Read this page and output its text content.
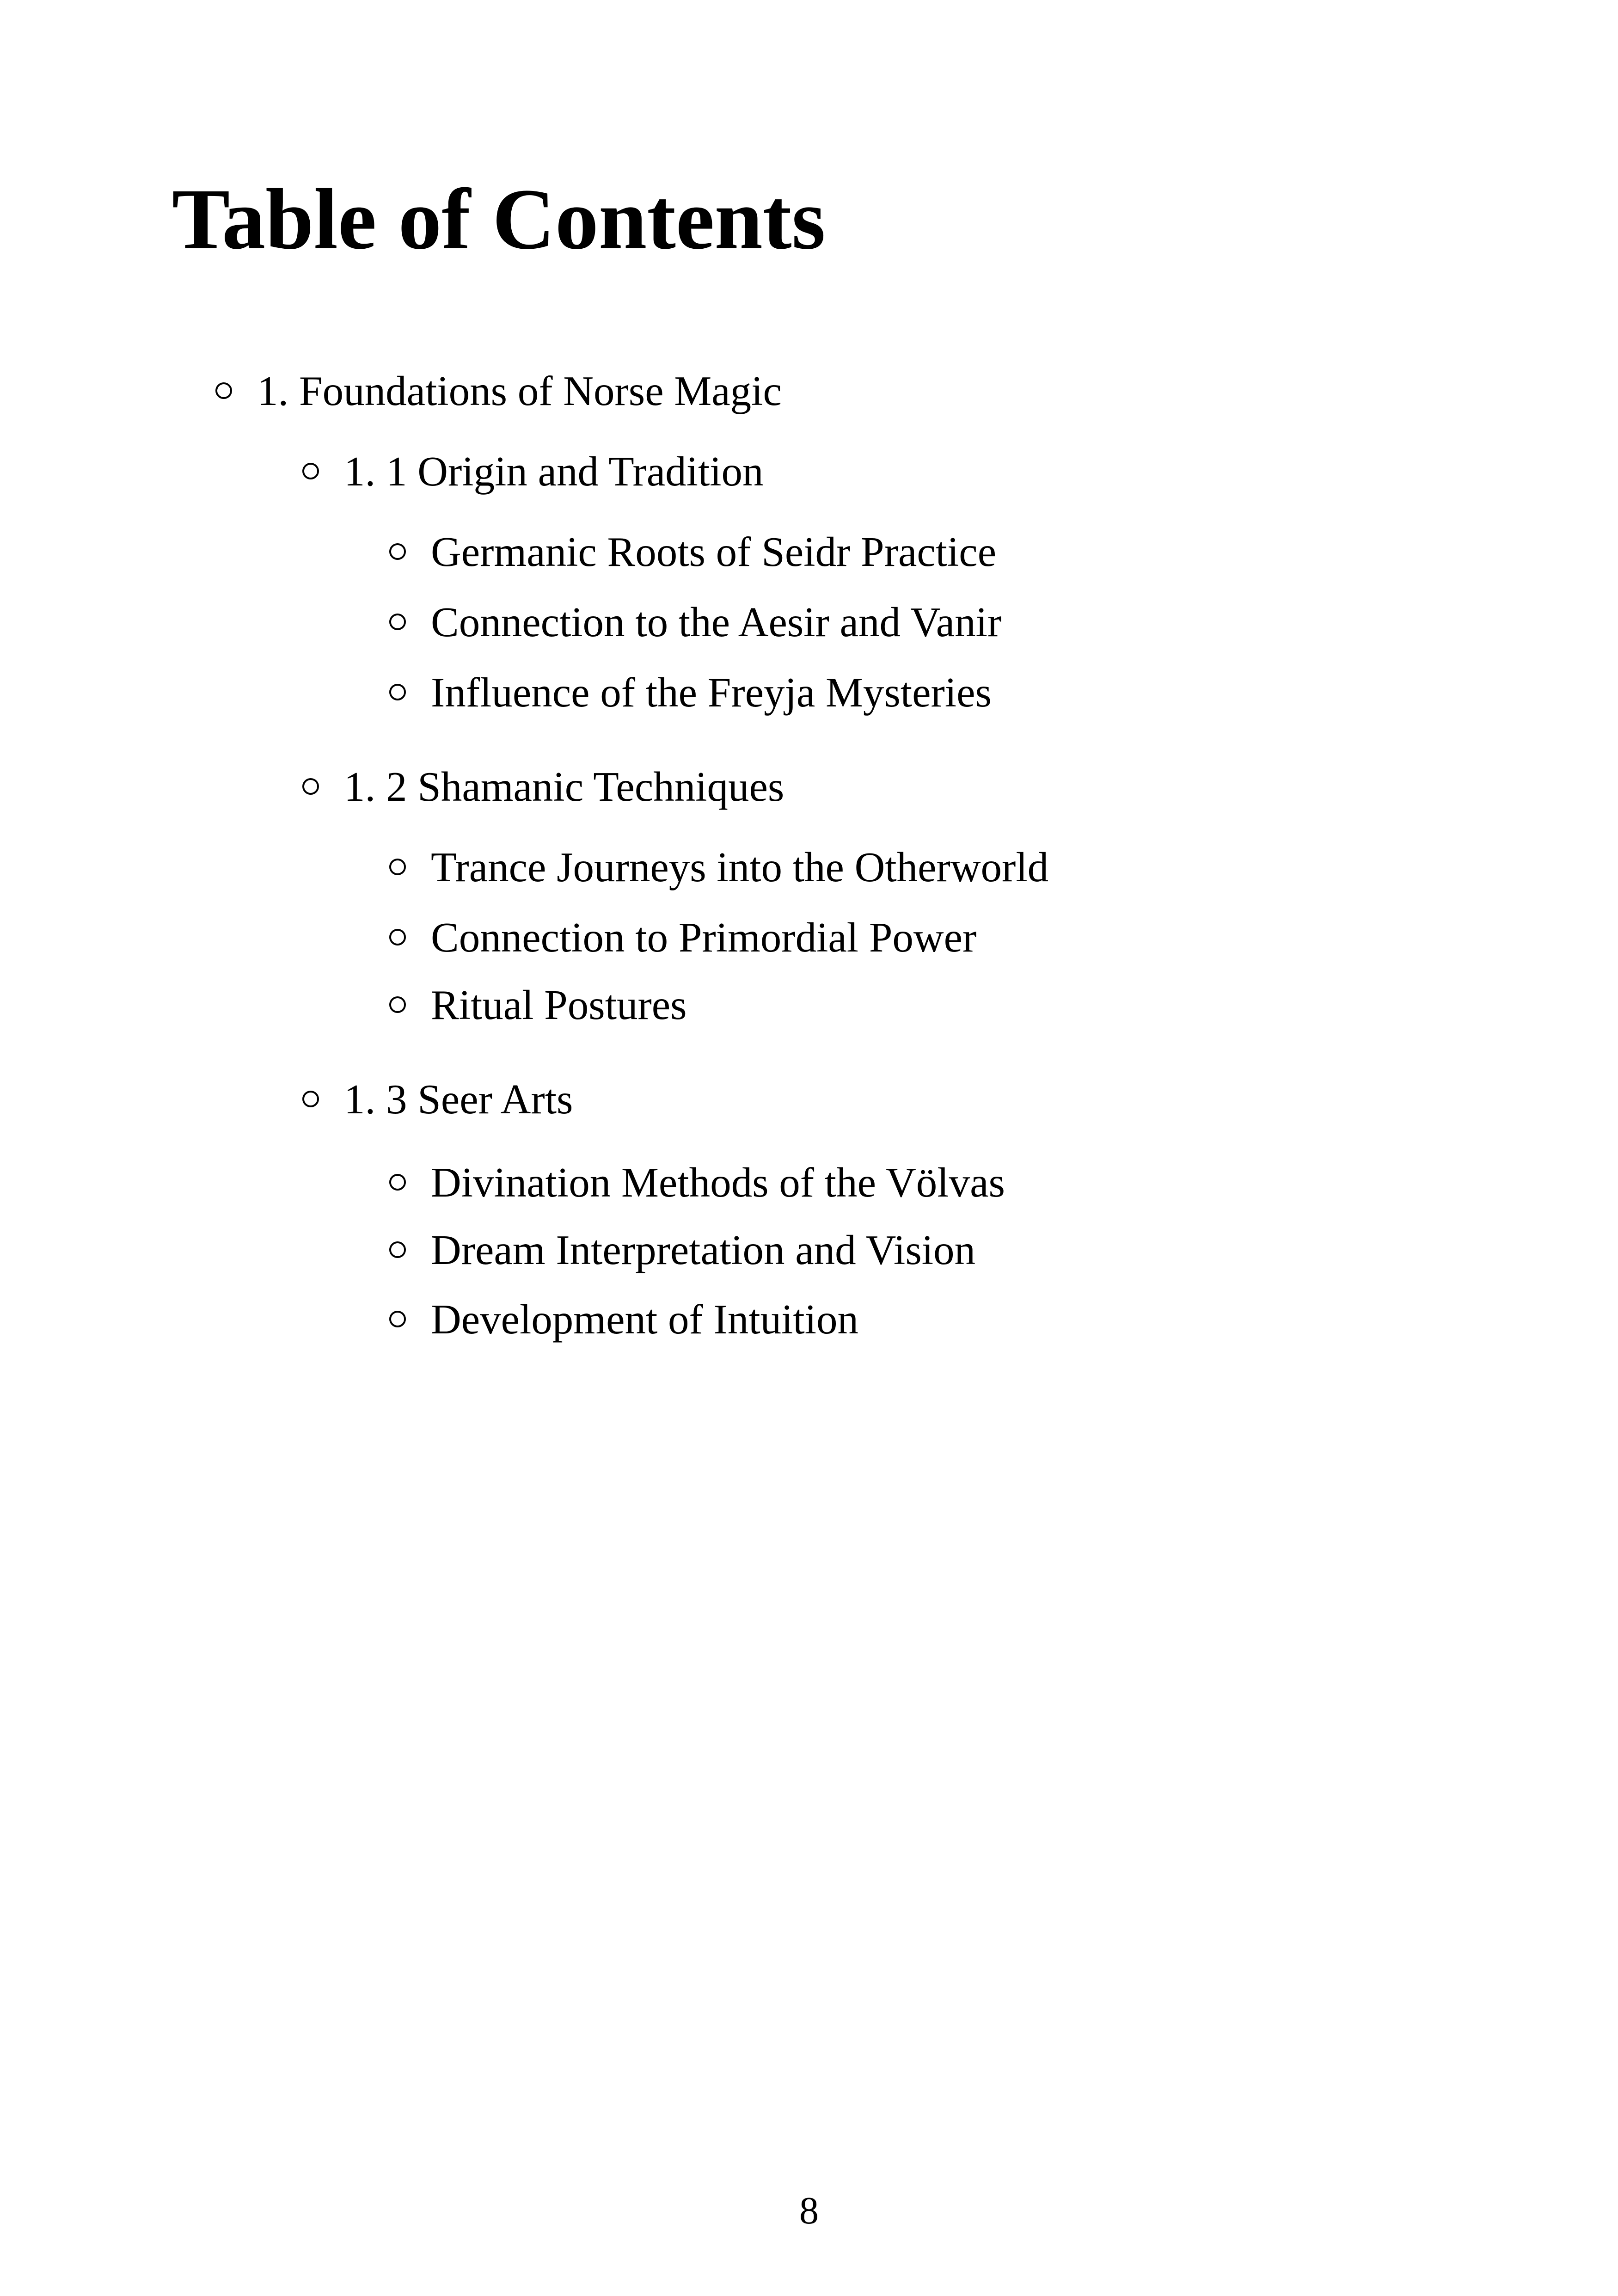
Table of Contents
1. Foundations of Norse Magic
1. 1 Origin and Tradition
Germanic Roots of Seidr Practice
Connection to the Aesir and Vanir
Influence of the Freyja Mysteries
1. 2 Shamanic Techniques
Trance Journeys into the Otherworld
Connection to Primordial Power
Ritual Postures
1. 3 Seer Arts
Divination Methods of the Völvas
Dream Interpretation and Vision
Development of Intuition
8
